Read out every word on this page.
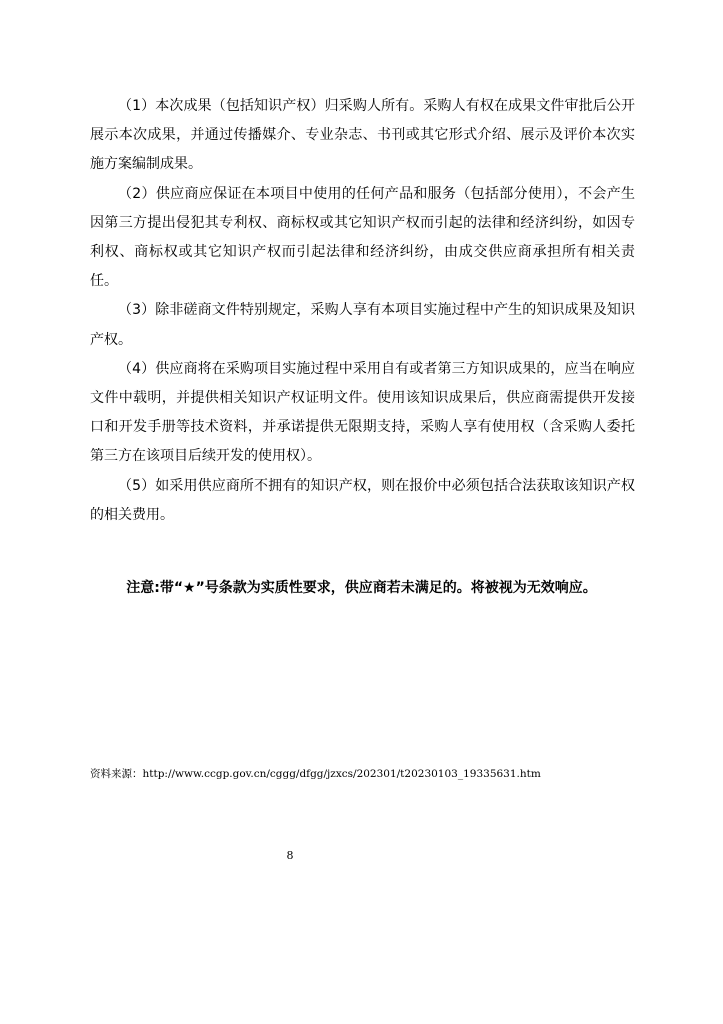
（1）本次成果（包括知识产权）归采购人所有。采购人有权在成果文件审批后公开展示本次成果，并通过传播媒介、专业杂志、书刊或其它形式介绍、展示及评价本次实施方案编制成果。

（2）供应商应保证在本项目中使用的任何产品和服务（包括部分使用），不会产生因第三方提出侵犯其专利权、商标权或其它知识产权而引起的法律和经济纠纷，如因专利权、商标权或其它知识产权而引起法律和经济纠纷，由成交供应商承担所有相关责任。

（3）除非磋商文件特别规定，采购人享有本项目实施过程中产生的知识成果及知识产权。

（4）供应商将在采购项目实施过程中采用自有或者第三方知识成果的，应当在响应文件中载明，并提供相关知识产权证明文件。使用该知识成果后，供应商需提供开发接口和开发手册等技术资料，并承诺提供无限期支持，采购人享有使用权（含采购人委托第三方在该项目后续开发的使用权）。

（5）如采用供应商所不拥有的知识产权，则在报价中必须包括合法获取该知识产权的相关费用。

注意:带“★”号条款为实质性要求，供应商若未满足的。将被视为无效响应。
资料来源：http://www.ccgp.gov.cn/cggg/dfgg/jzxcs/202301/t20230103_19335631.htm
8
